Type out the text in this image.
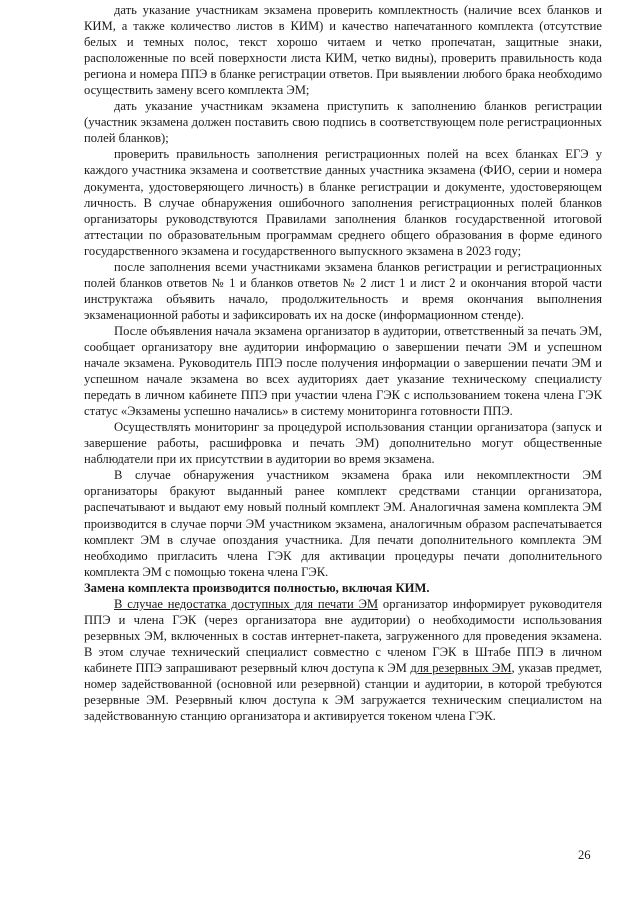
дать указание участникам экзамена проверить комплектность (наличие всех бланков и КИМ, а также количество листов в КИМ) и качество напечатанного комплекта (отсутствие белых и темных полос, текст хорошо читаем и четко пропечатан, защитные знаки, расположенные по всей поверхности листа КИМ, четко видны), проверить правильность кода региона и номера ППЭ в бланке регистрации ответов. При выявлении любого брака необходимо осуществить замену всего комплекта ЭМ;

дать указание участникам экзамена приступить к заполнению бланков регистрации (участник экзамена должен поставить свою подпись в соответствующем поле регистрационных полей бланков);

проверить правильность заполнения регистрационных полей на всех бланках ЕГЭ у каждого участника экзамена и соответствие данных участника экзамена (ФИО, серии и номера документа, удостоверяющего личность) в бланке регистрации и документе, удостоверяющем личность. В случае обнаружения ошибочного заполнения регистрационных полей бланков организаторы руководствуются Правилами заполнения бланков государственной итоговой аттестации по образовательным программам среднего общего образования в форме единого государственного экзамена и государственного выпускного экзамена в 2023 году;

после заполнения всеми участниками экзамена бланков регистрации и регистрационных полей бланков ответов № 1 и бланков ответов № 2 лист 1 и лист 2 и окончания второй части инструктажа объявить начало, продолжительность и время окончания выполнения экзаменационной работы и зафиксировать их на доске (информационном стенде).

После объявления начала экзамена организатор в аудитории, ответственный за печать ЭМ, сообщает организатору вне аудитории информацию о завершении печати ЭМ и успешном начале экзамена. Руководитель ППЭ после получения информации о завершении печати ЭМ и успешном начале экзамена во всех аудиториях дает указание техническому специалисту передать в личном кабинете ППЭ при участии члена ГЭК с использованием токена члена ГЭК статус «Экзамены успешно начались» в систему мониторинга готовности ППЭ.

Осуществлять мониторинг за процедурой использования станции организатора (запуск и завершение работы, расшифровка и печать ЭМ) дополнительно могут общественные наблюдатели при их присутствии в аудитории во время экзамена.

В случае обнаружения участником экзамена брака или некомплектности ЭМ организаторы бракуют выданный ранее комплект средствами станции организатора, распечатывают и выдают ему новый полный комплект ЭМ. Аналогичная замена комплекта ЭМ производится в случае порчи ЭМ участником экзамена, аналогичным образом распечатывается комплект ЭМ в случае опоздания участника. Для печати дополнительного комплекта ЭМ необходимо пригласить члена ГЭК для активации процедуры печати дополнительного комплекта ЭМ с помощью токена члена ГЭК.

Замена комплекта производится полностью, включая КИМ.

В случае недостатка доступных для печати ЭМ организатор информирует руководителя ППЭ и члена ГЭК (через организатора вне аудитории) о необходимости использования резервных ЭМ, включенных в состав интернет-пакета, загруженного для проведения экзамена. В этом случае технический специалист совместно с членом ГЭК в Штабе ППЭ в личном кабинете ППЭ запрашивают резервный ключ доступа к ЭМ для резервных ЭМ, указав предмет, номер задействованной (основной или резервной) станции и аудитории, в которой требуются резервные ЭМ. Резервный ключ доступа к ЭМ загружается техническим специалистом на задействованную станцию организатора и активируется токеном члена ГЭК.

26
